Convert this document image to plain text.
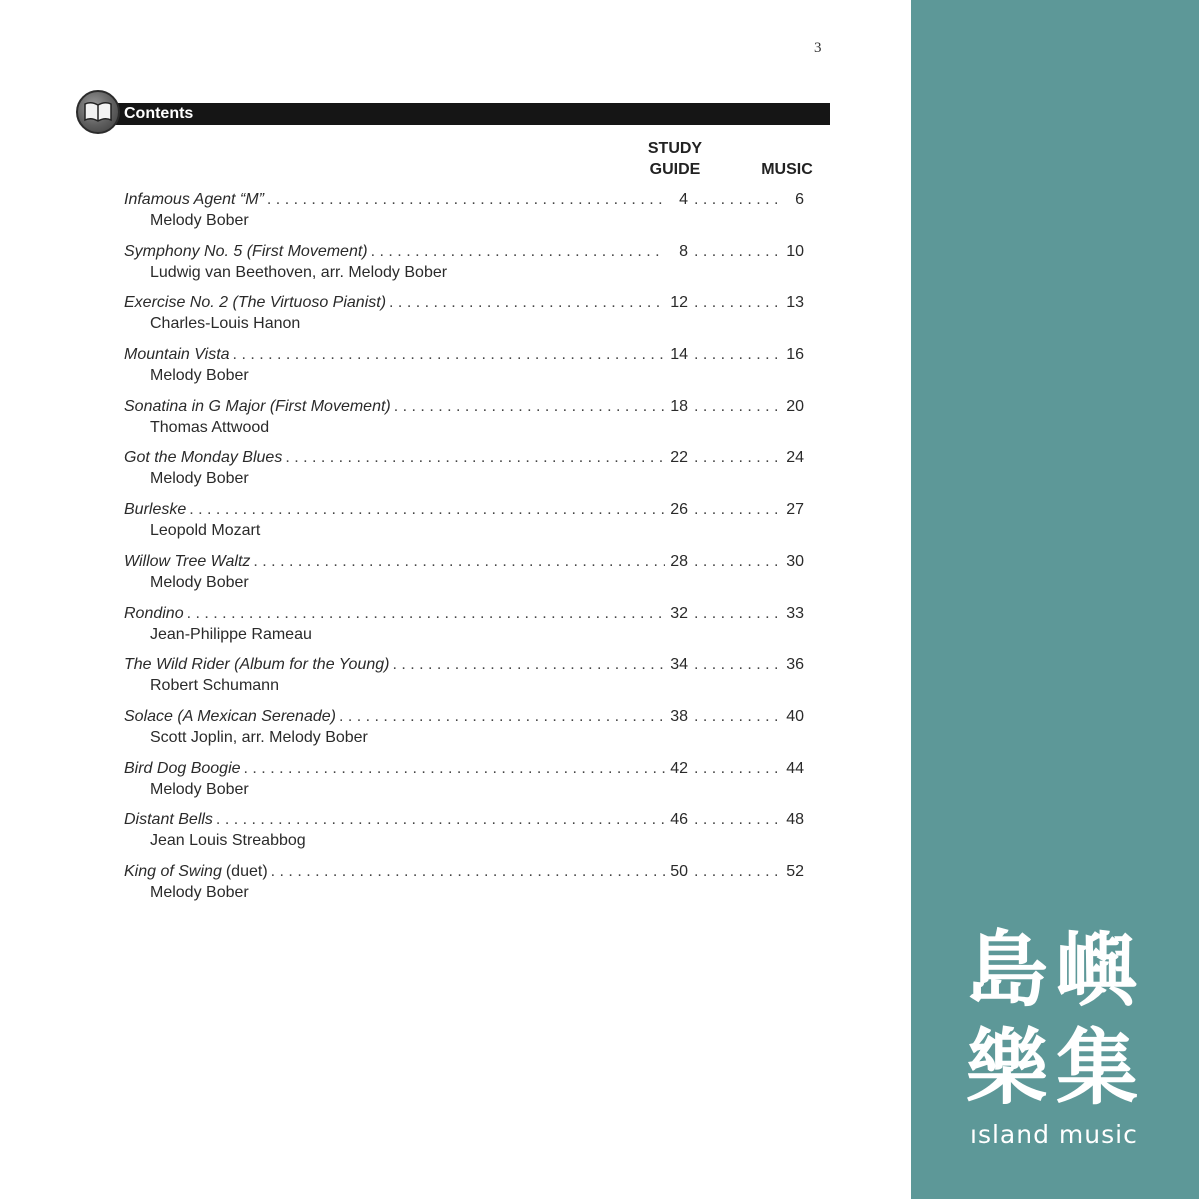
3
Contents
STUDY
GUIDE	MUSIC
Infamous Agent “M” . . .	4 . . .	6
Melody Bober
Symphony No. 5 (First Movement) . . .	8 . . .	10
Ludwig van Beethoven, arr. Melody Bober
Exercise No. 2 (The Virtuoso Pianist) . . .	12 . . .	13
Charles-Louis Hanon
Mountain Vista . . .	14 . . .	16
Melody Bober
Sonatina in G Major (First Movement) . . .	18 . . .	20
Thomas Attwood
Got the Monday Blues . . .	22 . . .	24
Melody Bober
Burleske . . .	26 . . .	27
Leopold Mozart
Willow Tree Waltz . . .	28 . . .	30
Melody Bober
Rondino . . .	32 . . .	33
Jean-Philippe Rameau
The Wild Rider (Album for the Young) . . .	34 . . .	36
Robert Schumann
Solace (A Mexican Serenade) . . .	38 . . .	40
Scott Joplin, arr. Melody Bober
Bird Dog Boogie . . .	42 . . .	44
Melody Bober
Distant Bells . . .	46 . . .	48
Jean Louis Streabbog
King of Swing (duet) . . .	50 . . .	52
Melody Bober
島嶼
樂集
ısland music
